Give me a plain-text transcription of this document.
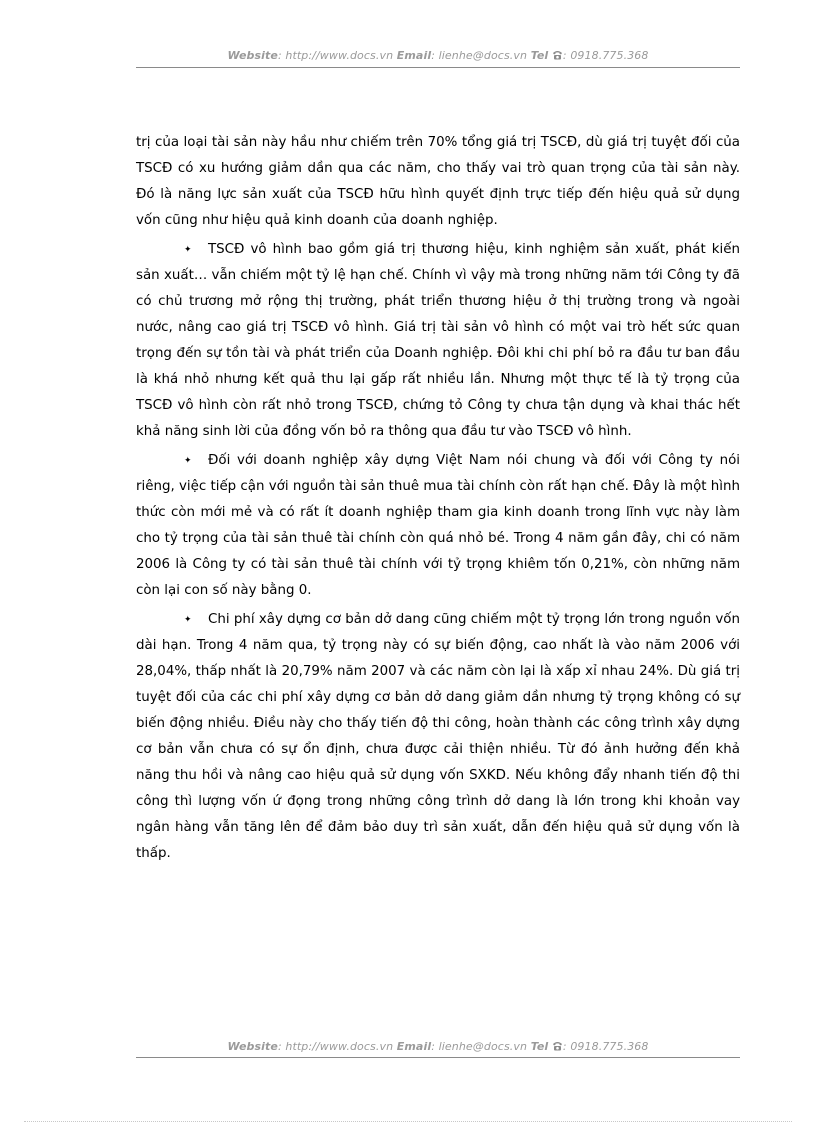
Website: http://www.docs.vn Email: lienhe@docs.vn Tel : 0918.775.368

trị của loại tài sản này hầu như chiếm trên 70% tổng giá trị TSCĐ, dù giá trị tuyệt đối của TSCĐ có xu hướng giảm dần qua các năm, cho thấy vai trò quan trọng của tài sản này. Đó là năng lực sản xuất của TSCĐ hữu hình quyết định trực tiếp đến hiệu quả sử dụng vốn cũng như hiệu quả kinh doanh của doanh nghiệp.

✦ TSCĐ vô hình bao gồm giá trị thương hiệu, kinh nghiệm sản xuất, phát kiến sản xuất… vẫn chiếm một tỷ lệ hạn chế. Chính vì vậy mà trong những năm tới Công ty đã có chủ trương mở rộng thị trường, phát triển thương hiệu ở thị trường trong và ngoài nước, nâng cao giá trị TSCĐ vô hình. Giá trị tài sản vô hình có một vai trò hết sức quan trọng đến sự tồn tài và phát triển của Doanh nghiệp. Đôi khi chi phí bỏ ra đầu tư ban đầu là khá nhỏ nhưng kết quả thu lại gấp rất nhiều lần. Nhưng một thực tế là tỷ trọng của TSCĐ vô hình còn rất nhỏ trong TSCĐ, chứng tỏ Công ty chưa tận dụng và khai thác hết khả năng sinh lời của đồng vốn bỏ ra thông qua đầu tư vào TSCĐ vô hình.

✦ Đối với doanh nghiệp xây dựng Việt Nam nói chung và đối với Công ty nói riêng, việc tiếp cận với nguồn tài sản thuê mua tài chính còn rất hạn chế. Đây là một hình thức còn mới mẻ và có rất ít doanh nghiệp tham gia kinh doanh trong lĩnh vực này làm cho tỷ trọng của tài sản thuê tài chính còn quá nhỏ bé. Trong 4 năm gần đây, chi có năm 2006 là Công ty có tài sản thuê tài chính với tỷ trọng khiêm tốn 0,21%, còn những năm còn lại con số này bằng 0.

✦ Chi phí xây dựng cơ bản dở dang cũng chiếm một tỷ trọng lớn trong nguồn vốn dài hạn. Trong 4 năm qua, tỷ trọng này có sự biến động, cao nhất là vào năm 2006 với 28,04%, thấp nhất là 20,79% năm 2007 và các năm còn lại là xấp xỉ nhau 24%. Dù giá trị tuyệt đối của các chi phí xây dựng cơ bản dở dang giảm dần nhưng tỷ trọng không có sự biến động nhiều. Điều này cho thấy tiến độ thi công, hoàn thành các công trình xây dựng cơ bản vẫn chưa có sự ổn định, chưa được cải thiện nhiều. Từ đó ảnh hưởng đến khả năng thu hồi và nâng cao hiệu quả sử dụng vốn SXKD. Nếu không đẩy nhanh tiến độ thi công thì lượng vốn ứ đọng trong những công trình dở dang là lớn trong khi khoản vay ngân hàng vẫn tăng lên để đảm bảo duy trì sản xuất, dẫn đến hiệu quả sử dụng vốn là thấp.

Website: http://www.docs.vn Email: lienhe@docs.vn Tel : 0918.775.368
